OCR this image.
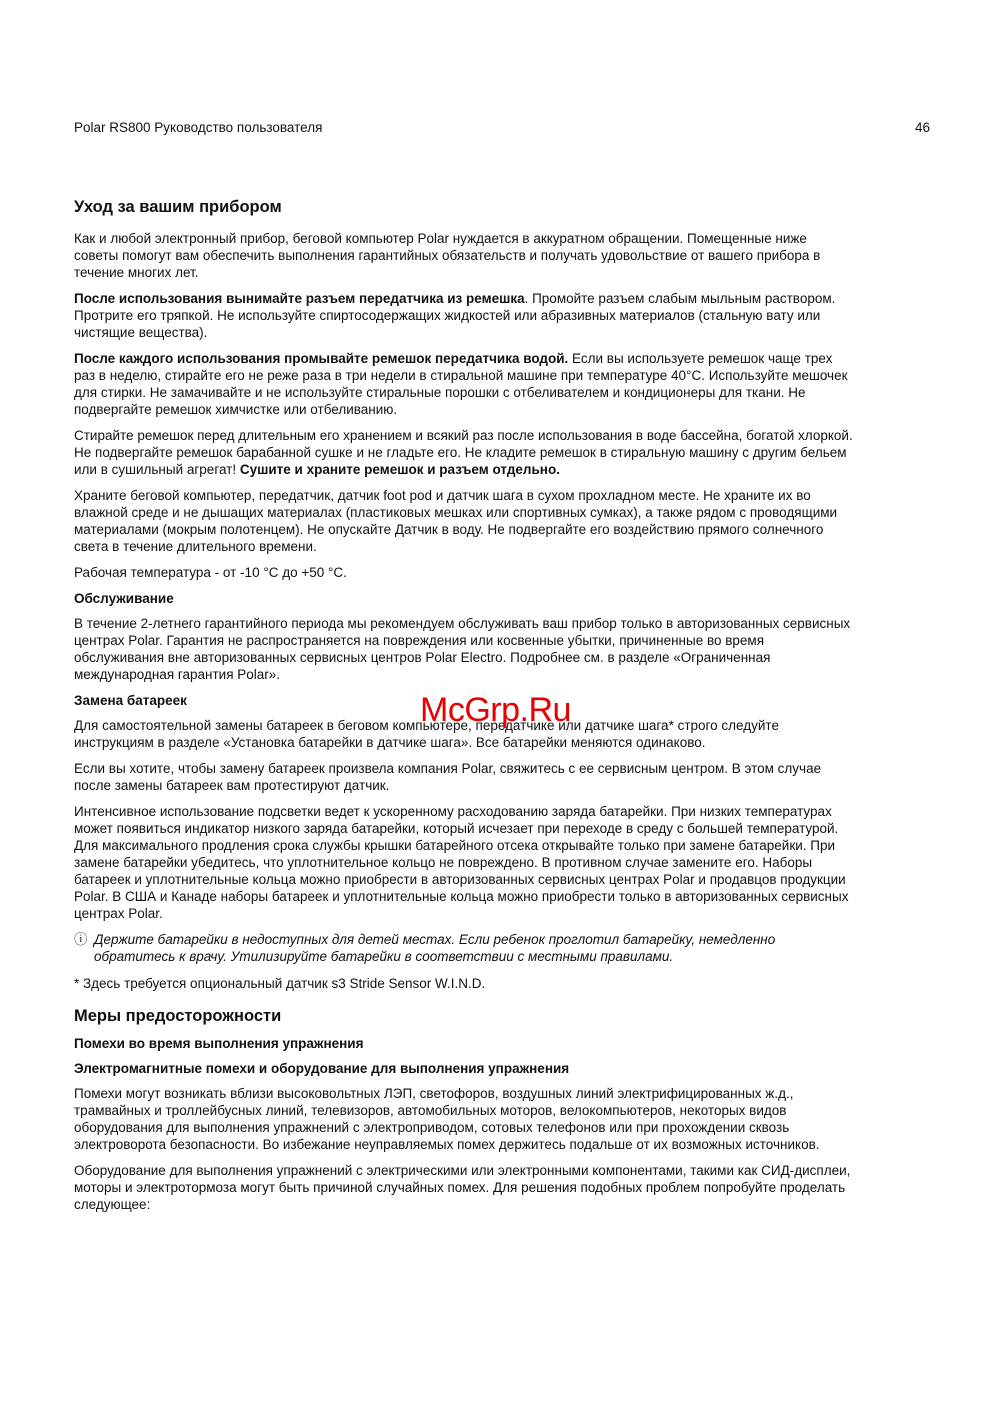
Polar RS800 Руководство пользователя	46
Уход за вашим прибором

Как и любой электронный прибор, беговой компьютер Polar нуждается в аккуратном обращении. Помещенные ниже советы помогут вам обеспечить выполнения гарантийных обязательств и получать удовольствие от вашего прибора в течение многих лет.

После использования вынимайте разъем передатчика из ремешка. Промойте разъем слабым мыльным раствором. Протрите его тряпкой. Не используйте спиртосодержащих жидкостей или абразивных материалов (стальную вату или чистящие вещества).

После каждого использования промывайте ремешок передатчика водой. Если вы используете ремешок чаще трех раз в неделю, стирайте его не реже раза в три недели в стиральной машине при температуре 40°C. Используйте мешочек для стирки. Не замачивайте и не используйте стиральные порошки с отбеливателем и кондиционеры для ткани. Не подвергайте ремешок химчистке или отбеливанию.

Стирайте ремешок перед длительным его хранением и всякий раз после использования в воде бассейна, богатой хлоркой. Не подвергайте ремешок барабанной сушке и не гладьте его. Не кладите ремешок в стиральную машину с другим бельем или в сушильный агрегат! Сушите и храните ремешок и разъем отдельно.

Храните беговой компьютер, передатчик, датчик foot pod и датчик шага в сухом прохладном месте. Не храните их во влажной среде и не дышащих материалах (пластиковых мешках или спортивных сумках), а также рядом с проводящими материалами (мокрым полотенцем). Не опускайте Датчик в воду. Не подвергайте его воздействию прямого солнечного света в течение длительного времени.

Рабочая температура - от -10 °C до +50 °C.

Обслуживание

В течение 2-летнего гарантийного периода мы рекомендуем обслуживать ваш прибор только в авторизованных сервисных центрах Polar. Гарантия не распространяется на повреждения или косвенные убытки, причиненные во время обслуживания вне авторизованных сервисных центров Polar Electro. Подробнее см. в разделе «Ограниченная международная гарантия Polar».

Замена батареек

Для самостоятельной замены батареек в беговом компьютере, передатчике или датчике шага* строго следуйте инструкциям в разделе «Установка батарейки в датчике шага». Все батарейки меняются одинаково.

Если вы хотите, чтобы замену батареек произвела компания Polar, свяжитесь с ее сервисным центром. В этом случае после замены батареек вам протестируют датчик.

Интенсивное использование подсветки ведет к ускоренному расходованию заряда батарейки. При низких температурах может появиться индикатор низкого заряда батарейки, который исчезает при переходе в среду с большей температурой. Для максимального продления срока службы крышки батарейного отсека открывайте только при замене батарейки. При замене батарейки убедитесь, что уплотнительное кольцо не повреждено. В противном случае замените его. Наборы батареек и уплотнительные кольца можно приобрести в авторизованных сервисных центрах Polar и продавцов продукции Polar. В США и Канаде наборы батареек и уплотнительные кольца можно приобрести только в авторизованных сервисных центрах Polar.

ⓘ Держите батарейки в недоступных для детей местах. Если ребенок проглотил батарейку, немедленно обратитесь к врачу. Утилизируйте батарейки в соответствии с местными правилами.

* Здесь требуется опциональный датчик s3 Stride Sensor W.I.N.D.

Меры предосторожности
Помехи во время выполнения упражнения
Электромагнитные помехи и оборудование для выполнения упражнения

Помехи могут возникать вблизи высоковольтных ЛЭП, светофоров, воздушных линий электрифицированных ж.д., трамвайных и троллейбусных линий, телевизоров, автомобильных моторов, велокомпьютеров, некоторых видов оборудования для выполнения упражнений с электроприводом, сотовых телефонов или при прохождении сквозь электроворота безопасности. Во избежание неуправляемых помех держитесь подальше от их возможных источников.

Оборудование для выполнения упражнений с электрическими или электронными компонентами, такими как СИД-дисплеи, моторы и электротормоза могут быть причиной случайных помех. Для решения подобных проблем попробуйте проделать следующее:

McGrp.Ru
